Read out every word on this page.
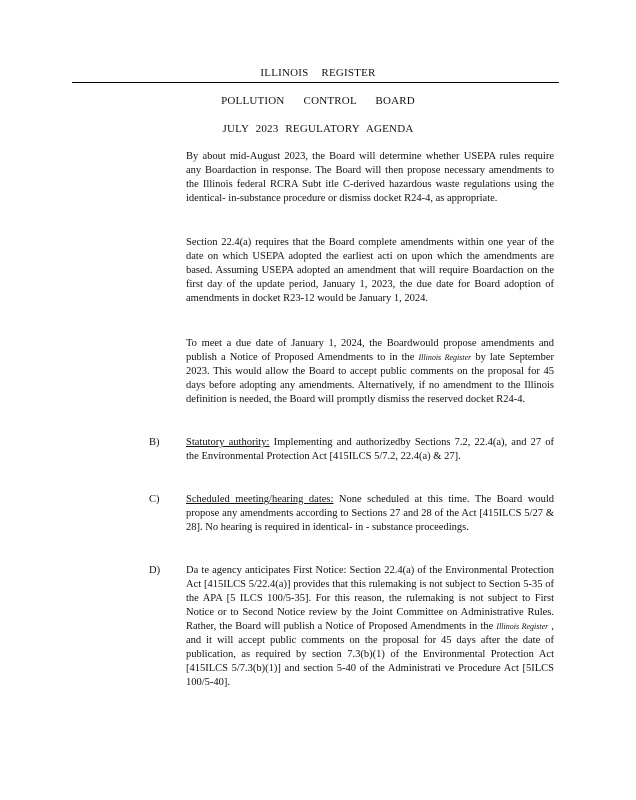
ILLINOIS REGISTER
POLLUTION CONTROL BOARD
JULY 2023 REGULATORY AGENDA

By about mid-August 2023, the Board will determine whether USEPA rules require any Boardaction in response. The Board will then propose necessary amendments to the Illinois federal RCRA Subt itle C-derived hazardous waste regulations using the identical- in-substance procedure or dismiss docket R24-4, as appropriate.

Section 22.4(a) requires that the Board complete amendments within one year of the date on which USEPA adopted the earliest acti on upon which the amendments are based. Assuming USEPA adopted an amendment that will require Boardaction on the first day of the update period, January 1, 2023, the due date for Board adoption of amendments in docket R23-12 would be January 1, 2024.

To meet a due date of January 1, 2024, the Boardwould propose amendments and publish a Notice of Proposed Amendments to in the Illinois Register by late September 2023. This would allow the Board to accept public comments on the proposal for 45 days before adopting any amendments. Alternatively, if no amendment to the Illinois definition is needed, the Board will promptly dismiss the reserved docket R24-4.

B)	Statutory authority: Implementing and authorizedby Sections 7.2, 22.4(a), and 27 of the Environmental Protection Act [415ILCS 5/7.2, 22.4(a) & 27].

C)	Scheduled meeting/hearing dates: None scheduled at this time. The Board would propose any amendments according to Sections 27 and 28 of the Act [415ILCS 5/27 & 28]. No hearing is required in identical- in - substance proceedings.

D) Da te agency anticipates First Notice: Section 22.4(a) of the Environmental Protection Act [415ILCS 5/22.4(a)] provides that this rulemaking is not subject to Section 5-35 of the APA [5 ILCS 100/5-35]. For this reason, the rulemaking is not subject to First Notice or to Second Notice review by the Joint Committee on Administrative Rules. Rather, the Board will publish a Notice of Proposed Amendments in the Illinois Register , and it will accept public comments on the proposal for 45 days after the date of publication, as required by section 7.3(b)(1) of the Environmental Protection Act [415ILCS 5/7.3(b)(1)] and section 5-40 of the Administrati ve Procedure Act [5ILCS 100/5-40].
